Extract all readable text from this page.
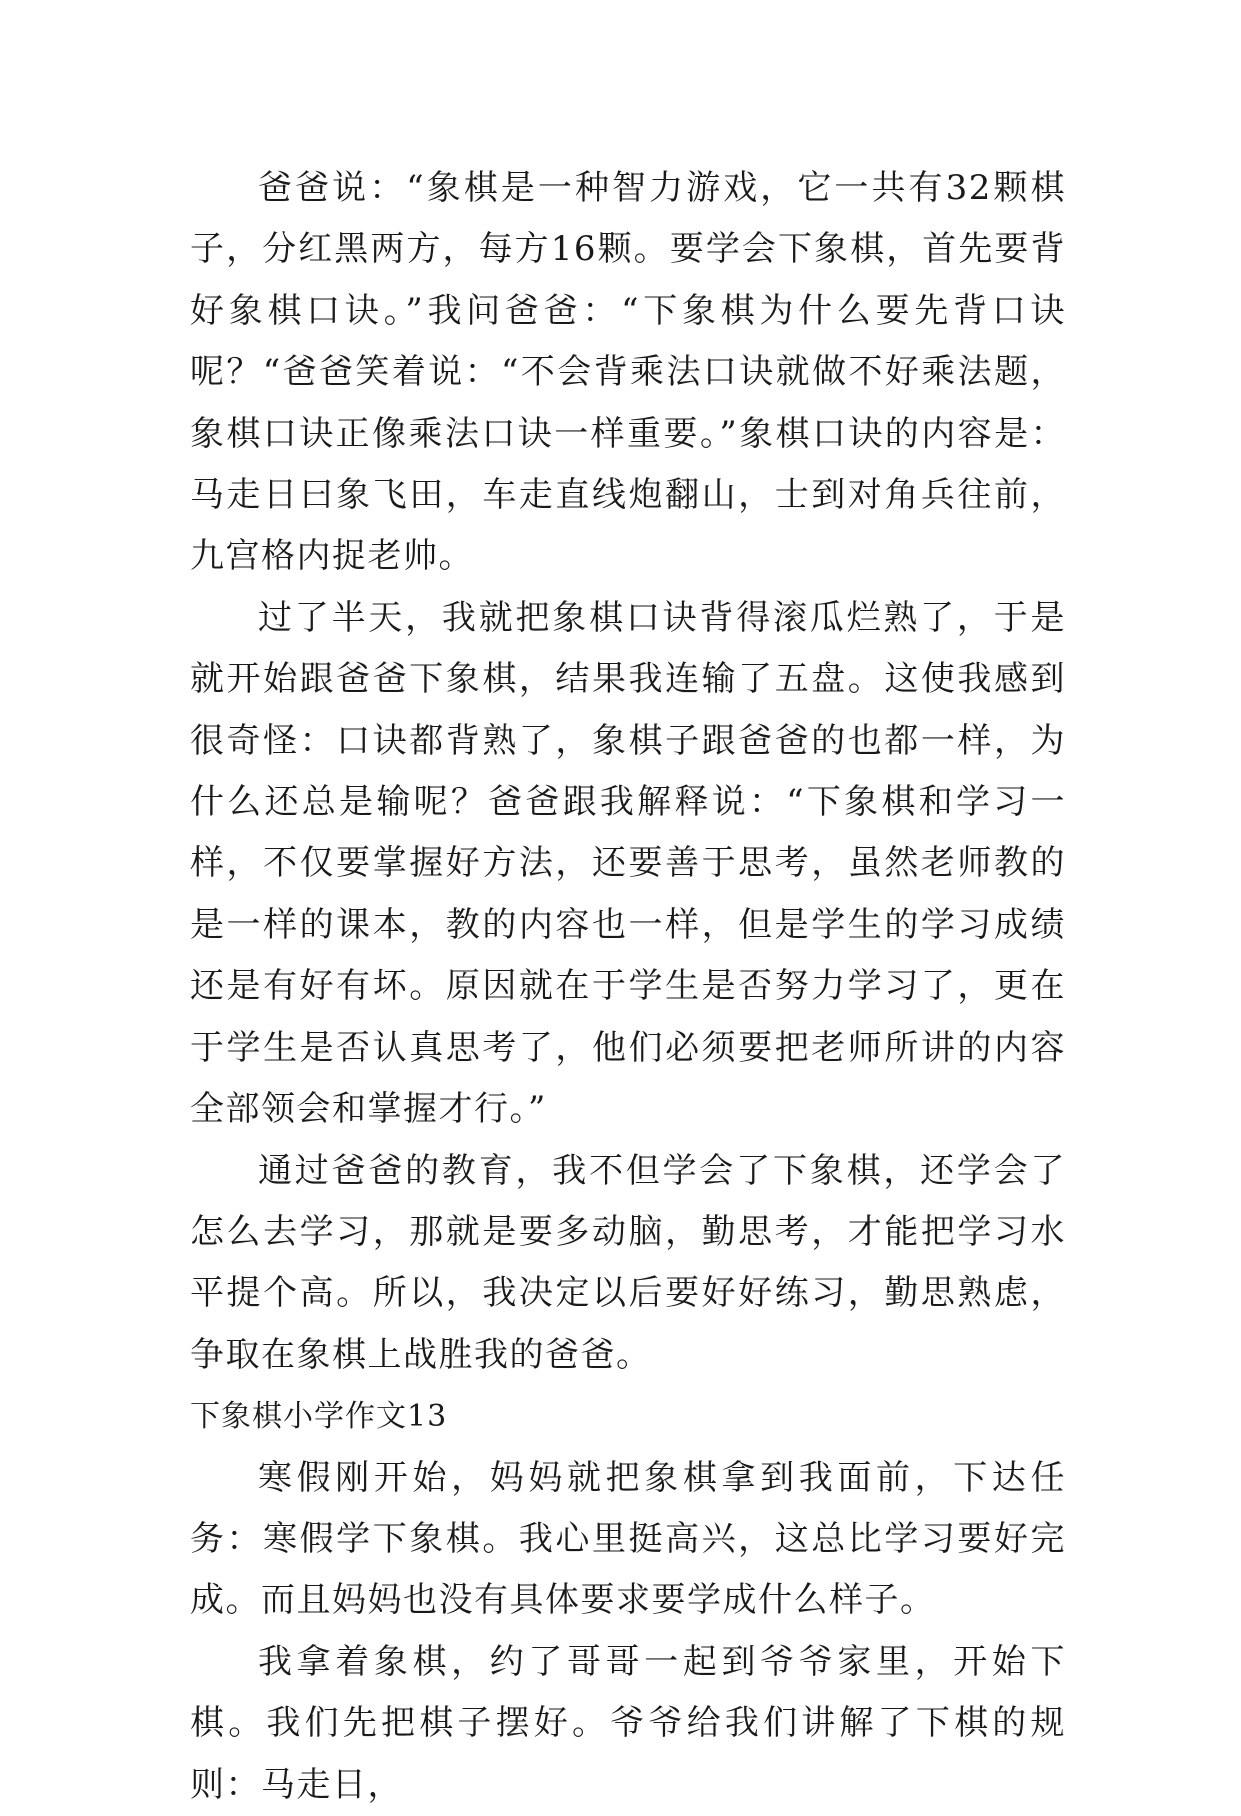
爸爸说：“象棋是一种智力游戏，它一共有32颗棋子，分红黑两方，每方16颗。要学会下象棋，首先要背好象棋口诀。”我问爸爸：“下象棋为什么要先背口诀呢？“爸爸笑着说：“不会背乘法口诀就做不好乘法题，象棋口诀正像乘法口诀一样重要。”象棋口诀的内容是：马走日曰象飞田，车走直线炮翻山，士到对角兵往前，九宫格内捉老帅。

过了半天，我就把象棋口诀背得滚瓜烂熟了，于是就开始跟爸爸下象棋，结果我连输了五盘。这使我感到很奇怪：口诀都背熟了，象棋子跟爸爸的也都一样，为什么还总是输呢？爸爸跟我解释说：“下象棋和学习一样，不仅要掌握好方法，还要善于思考，虽然老师教的是一样的课本，教的内容也一样，但是学生的学习成绩还是有好有坏。原因就在于学生是否努力学习了，更在于学生是否认真思考了，他们必须要把老师所讲的内容全部领会和掌握才行。”

通过爸爸的教育，我不但学会了下象棋，还学会了怎么去学习，那就是要多动脑，勤思考，才能把学习水平提个高。所以，我决定以后要好好练习，勤思熟虑，争取在象棋上战胜我的爸爸。

下象棋小学作文13

寒假刚开始，妈妈就把象棋拿到我面前，下达任务：寒假学下象棋。我心里挺高兴，这总比学习要好完成。而且妈妈也没有具体要求要学成什么样子。

我拿着象棋，约了哥哥一起到爷爷家里，开始下棋。我们先把棋子摆好。爷爷给我们讲解了下棋的规则：马走日，
